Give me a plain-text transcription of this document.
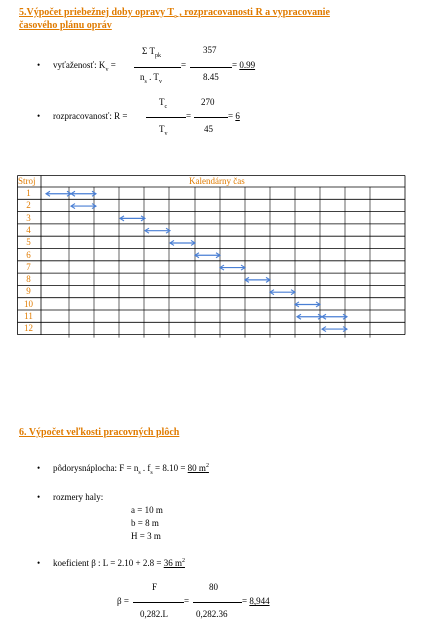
5.Výpočet priebežnej doby opravy $T_c$ , rozpracovanosti R a vypracovanie
časového plánu opráv
•
Σ $T_{pk}$
357
vyťaženosť: $K_v$ =	=	= 0.99
$n_s$ . $T_v$	8.45
•
$T_c$	270
rozpracovanosť: R =	=	= 6
$T_v$	45
Stroj	Kalendárny čas
1
2
3
4
5
6
7
8
9
10
11
12
6. Výpočet veľkosti pracovných plôch
• pôdorysnáplocha: $F = n_s$ . $f_s = 8.10 = 80$ $m^2$
• rozmery haly:
a = 10 m
b = 8 m
H = 3 m
• koeficient β : L = 2.10 + 2.8 = 36 $m^2$
F	80
β =	=	= 8,944
0,282.L	0,282.36
